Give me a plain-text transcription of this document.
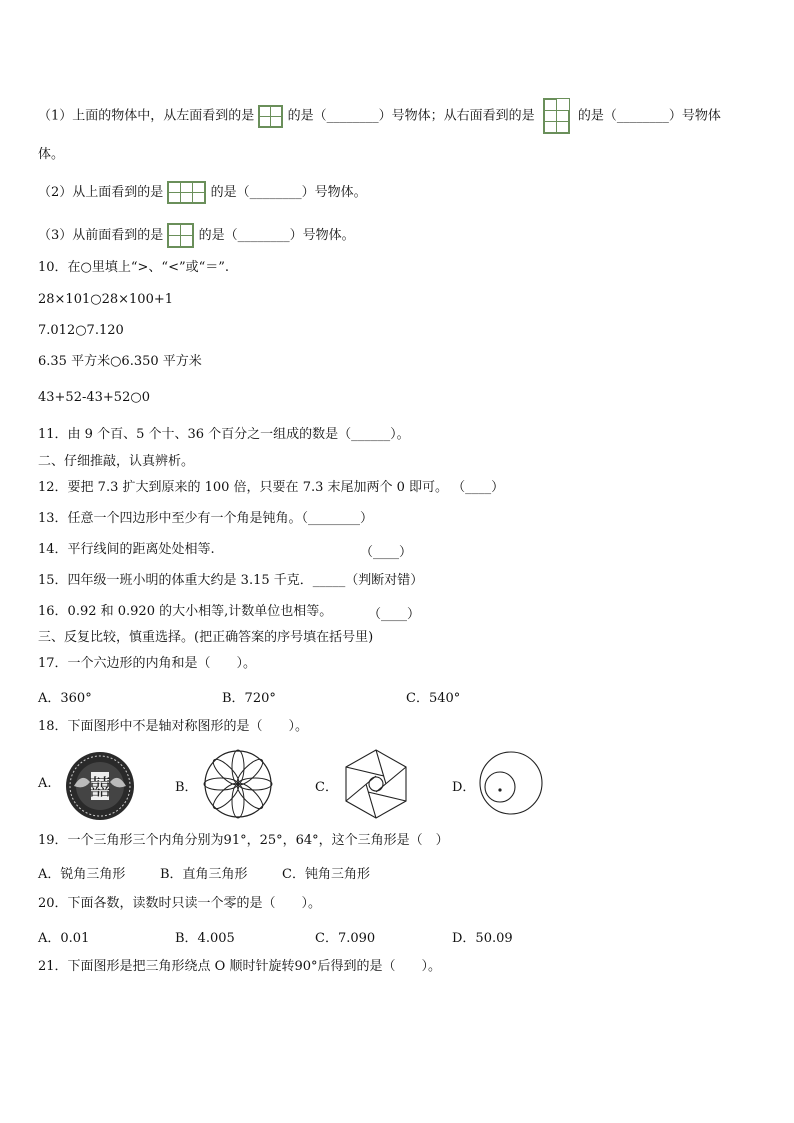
（1）上面的物体中，从左面看到的是

		的是（________）号物体；从右面看到的是

		的是（________）号物体
体。
（2）从上面看到的是

			的是（________）号物体。
（3）从前面看到的是

		的是（________）号物体。
10．在○里填上“>、“<”或“＝”.
28×101○28×100+1
7.012○7.120
6.35 平方米○6.350 平方米
43+52-43+52○0
11．由 9 个百、5 个十、36 个百分之一组成的数是（______）。
二、仔细推敲，认真辨析。
12．要把 7.3 扩大到原来的 100 倍，只要在 7.3 末尾加两个 0 即可。 （____）
13．任意一个四边形中至少有一个角是钝角。（________）
14．平行线间的距离处处相等.	（____）
15．四年级一班小明的体重大约是 3.15 千克．_____（判断对错）
16．0.92 和 0.920 的大小相等,计数单位也相等。	（____）
三、反复比较，慎重选择。(把正确答案的序号填在括号里)
17．一个六边形的内角和是（　　）。
A．360°	B．720°	C．540°
18．下面图形中不是轴对称图形的是（　　）。
A.	B．	C．	D．
囍
19．一个三角形三个内角分别为91°，25°，64°，这个三角形是（　）
A．锐角三角形	B．直角三角形	C．钝角三角形
20．下面各数，读数时只读一个零的是（　　）。
A．0.01	B．4.005	C．7.090	D．50.09
21．下面图形是把三角形绕点 O 顺时针旋转90°后得到的是（　　）。
